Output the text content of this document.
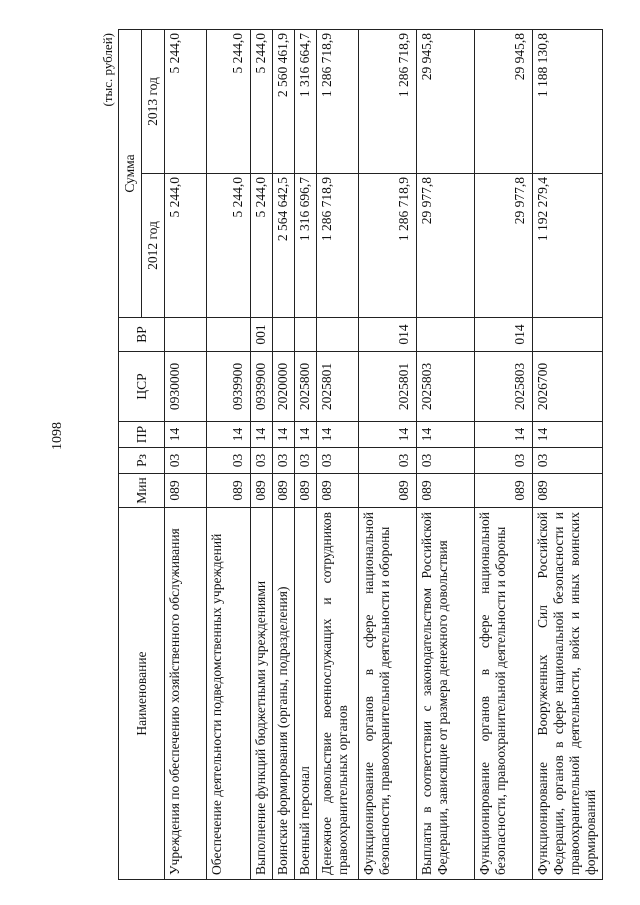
1098
(тыс. рублей)
Наименование	Мин	Рз	ПР	ЦСР	ВР	Сумма	
						2012 год	2013 год
Учреждения по обеспечению хозяйственного обслуживания	089	03	14	0930000		5 244,0	5 244,0
Обеспечение деятельности подведомственных учреждений	089	03	14	0939900		5 244,0	5 244,0
Выполнение функций бюджетными учреждениями	089	03	14	0939900	001	5 244,0	5 244,0
Воинские формирования (органы, подразделения)	089	03	14	2020000		2 564 642,5	2 560 461,9
Военный персонал	089	03	14	2025800		1 316 696,7	1 316 664,7
Денежное довольствие военнослужащих и сотрудников правоохранительных органов	089	03	14	2025801		1 286 718,9	1 286 718,9
Функционирование органов в сфере национальной безопасности, правоохранительной деятельности и обороны	089	03	14	2025801	014	1 286 718,9	1 286 718,9
Выплаты в соответствии с законодательством Российской Федерации, зависящие от размера денежного довольствия	089	03	14	2025803		29 977,8	29 945,8
Функционирование органов в сфере национальной безопасности, правоохранительной деятельности и обороны	089	03	14	2025803	014	29 977,8	29 945,8
Функционирование Вооруженных Сил Российской Федерации, органов в сфере национальной безопасности и правоохранительной деятельности, войск и иных воинских формирований	089	03	14	2026700		1 192 279,4	1 188 130,8
